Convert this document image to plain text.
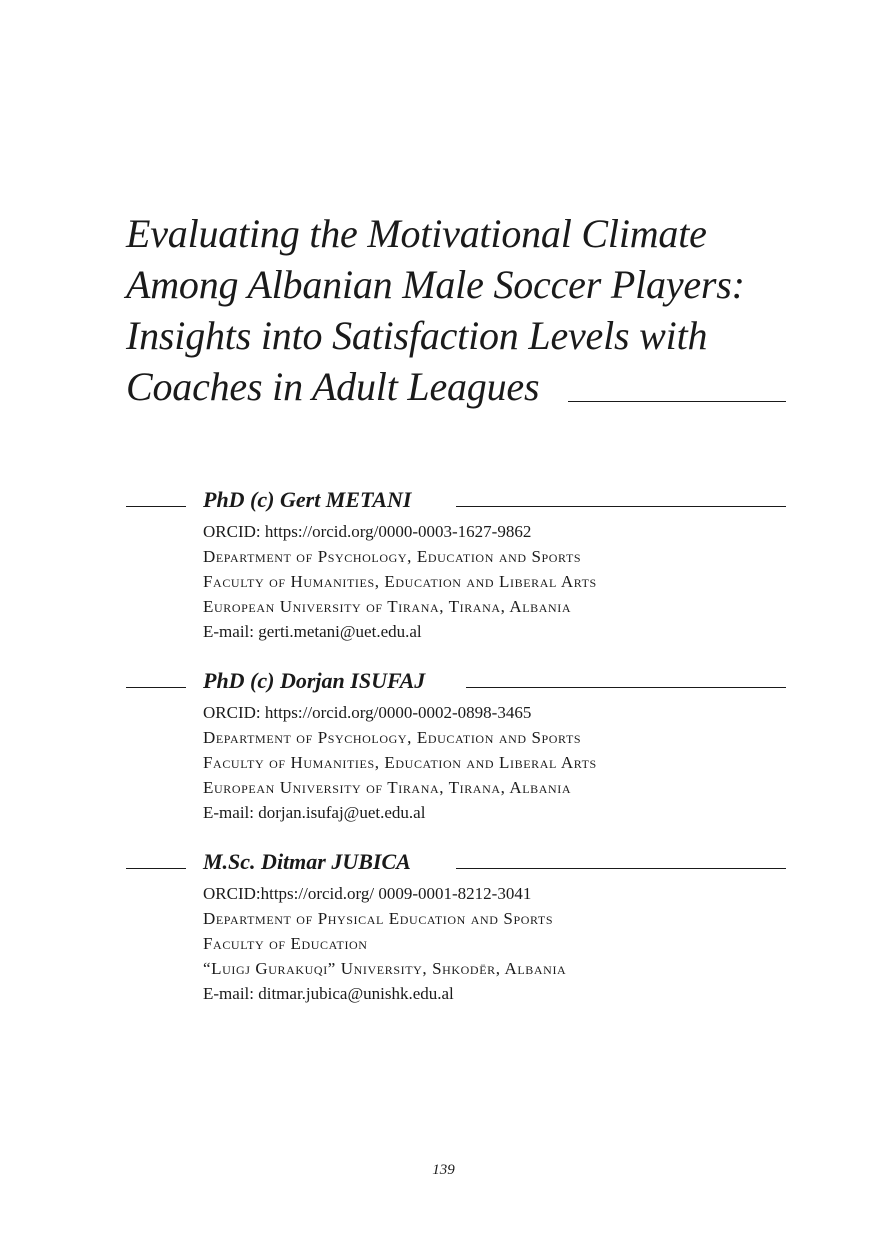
Evaluating the Motivational Climate
Among Albanian Male Soccer Players:
Insights into Satisfaction Levels with
Coaches in Adult Leagues
PhD (c) Gert METANI
ORCID: https://orcid.org/0000-0003-1627-9862
Department of Psychology, Education and Sports
Faculty of Humanities, Education and Liberal Arts
European University of Tirana, Tirana, Albania
E-mail: gerti.metani@uet.edu.al
PhD (c) Dorjan ISUFAJ
ORCID: https://orcid.org/0000-0002-0898-3465
Department of Psychology, Education and Sports
Faculty of Humanities, Education and Liberal Arts
European University of Tirana, Tirana, Albania
E-mail: dorjan.isufaj@uet.edu.al
M.Sc. Ditmar JUBICA
ORCID:https://orcid.org/ 0009-0001-8212-3041
Department of Physical Education and Sports
Faculty of Education
“Luigj Gurakuqi” University, Shkodër, Albania
E-mail: ditmar.jubica@unishk.edu.al
139
